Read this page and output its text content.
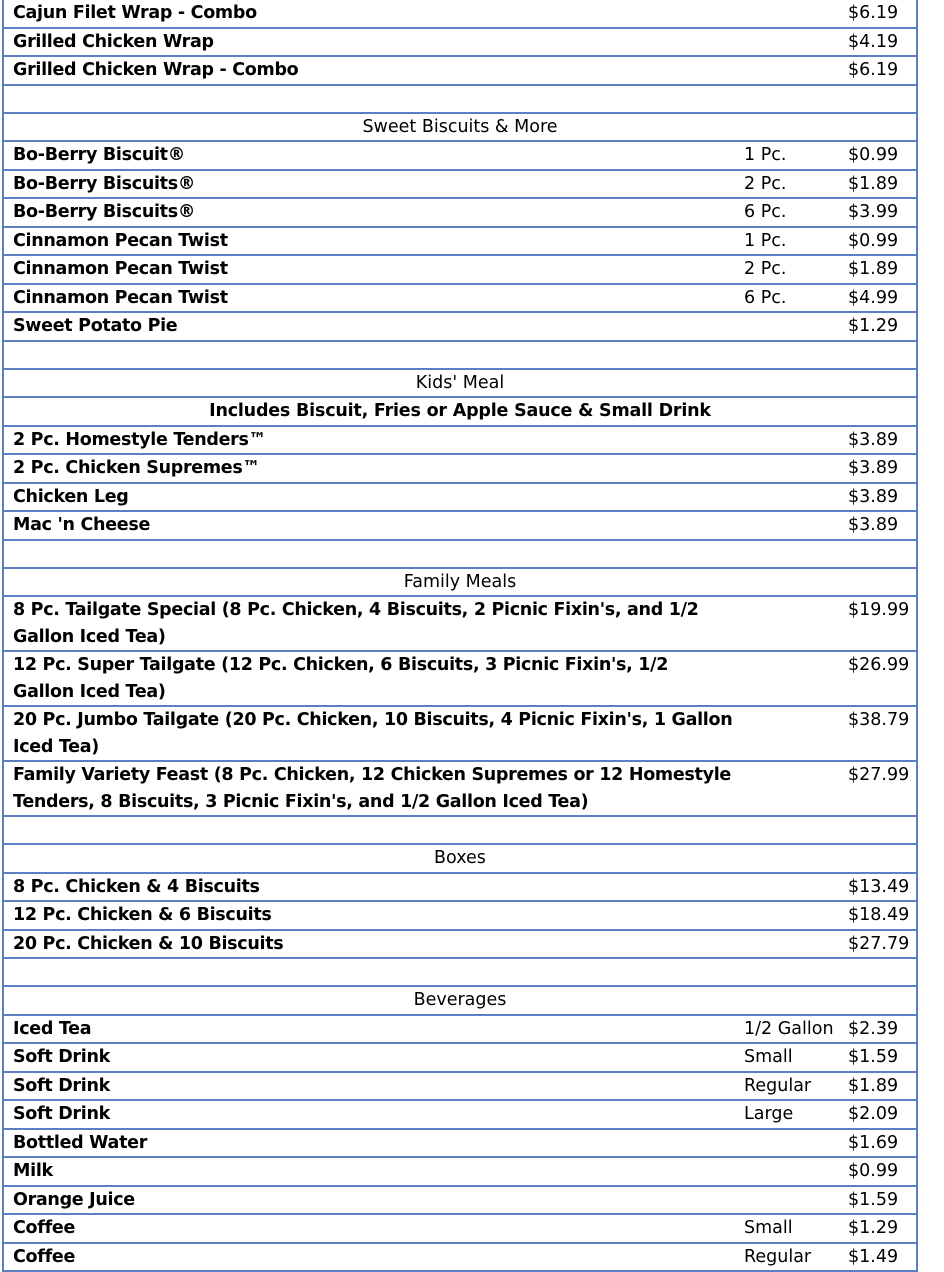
Cajun Filet Wrap - Combo		$6.19
Grilled Chicken Wrap		$4.19
Grilled Chicken Wrap - Combo		$6.19

Sweet Biscuits & More		
Bo-Berry Biscuit®	1 Pc.	$0.99
Bo-Berry Biscuits®	2 Pc.	$1.89
Bo-Berry Biscuits®	6 Pc.	$3.99
Cinnamon Pecan Twist	1 Pc.	$0.99
Cinnamon Pecan Twist	2 Pc.	$1.89
Cinnamon Pecan Twist	6 Pc.	$4.99
Sweet Potato Pie		$1.29

Kids' Meal		
Includes Biscuit, Fries or Apple Sauce & Small Drink		
2 Pc. Homestyle Tenders™		$3.89
2 Pc. Chicken Supremes™		$3.89
Chicken Leg		$3.89
Mac 'n Cheese		$3.89

Family Meals		
8 Pc. Tailgate Special (8 Pc. Chicken, 4 Biscuits, 2 Picnic Fixin's, and 1/2 Gallon Iced Tea)		$19.99
12 Pc. Super Tailgate (12 Pc. Chicken, 6 Biscuits, 3 Picnic Fixin's, 1/2 Gallon Iced Tea)		$26.99
20 Pc. Jumbo Tailgate (20 Pc. Chicken, 10 Biscuits, 4 Picnic Fixin's, 1 Gallon Iced Tea)		$38.79
Family Variety Feast (8 Pc. Chicken, 12 Chicken Supremes or 12 Homestyle Tenders, 8 Biscuits, 3 Picnic Fixin's, and 1/2 Gallon Iced Tea)		$27.99

Boxes		
8 Pc. Chicken & 4 Biscuits		$13.49
12 Pc. Chicken & 6 Biscuits		$18.49
20 Pc. Chicken & 10 Biscuits		$27.79

Beverages		
Iced Tea	1/2 Gallon	$2.39
Soft Drink	Small	$1.59
Soft Drink	Regular	$1.89
Soft Drink	Large	$2.09
Bottled Water		$1.69
Milk		$0.99
Orange Juice		$1.59
Coffee	Small	$1.29
Coffee	Regular	$1.49
